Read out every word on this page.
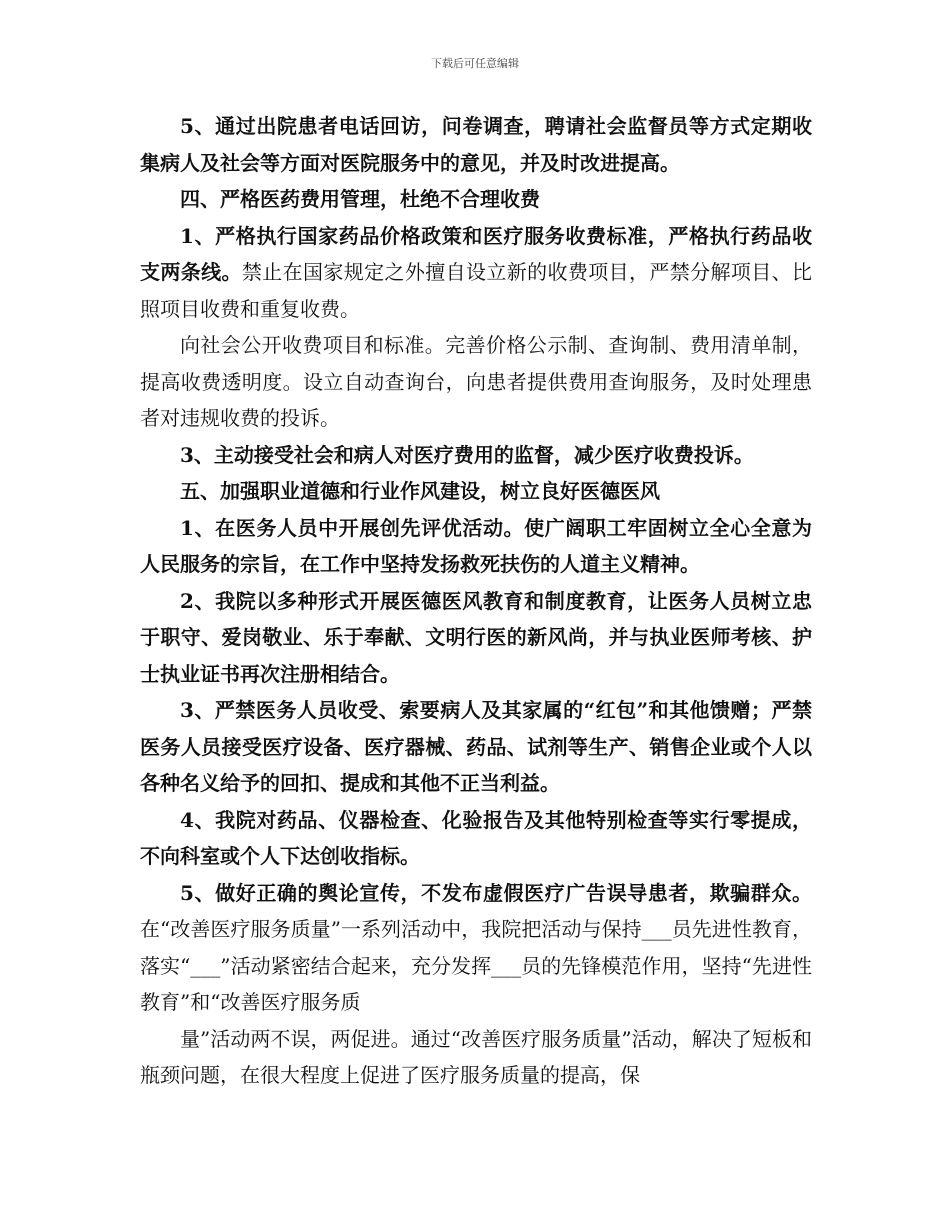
下载后可任意编辑

5、通过出院患者电话回访，问卷调查，聘请社会监督员等方式定期收集病人及社会等方面对医院服务中的意见，并及时改进提高。

四、严格医药费用管理，杜绝不合理收费

1、严格执行国家药品价格政策和医疗服务收费标准，严格执行药品收支两条线。禁止在国家规定之外擅自设立新的收费项目，严禁分解项目、比照项目收费和重复收费。

向社会公开收费项目和标准。完善价格公示制、查询制、费用清单制，提高收费透明度。设立自动查询台，向患者提供费用查询服务，及时处理患者对违规收费的投诉。

3、主动接受社会和病人对医疗费用的监督，减少医疗收费投诉。

五、加强职业道德和行业作风建设，树立良好医德医风

1、在医务人员中开展创先评优活动。使广阔职工牢固树立全心全意为人民服务的宗旨，在工作中坚持发扬救死扶伤的人道主义精神。

2、我院以多种形式开展医德医风教育和制度教育，让医务人员树立忠于职守、爱岗敬业、乐于奉献、文明行医的新风尚，并与执业医师考核、护士执业证书再次注册相结合。

3、严禁医务人员收受、索要病人及其家属的“红包”和其他馈赠；严禁医务人员接受医疗设备、医疗器械、药品、试剂等生产、销售企业或个人以各种名义给予的回扣、提成和其他不正当利益。

4、我院对药品、仪器检查、化验报告及其他特别检查等实行零提成，不向科室或个人下达创收指标。

5、做好正确的舆论宣传，不发布虚假医疗广告误导患者，欺骗群众。在“改善医疗服务质量”一系列活动中，我院把活动与保持___员先进性教育，落实“___”活动紧密结合起来，充分发挥___员的先锋模范作用，坚持“先进性教育”和“改善医疗服务质

量”活动两不误，两促进。通过“改善医疗服务质量”活动，解决了短板和瓶颈问题，在很大程度上促进了医疗服务质量的提高，保
